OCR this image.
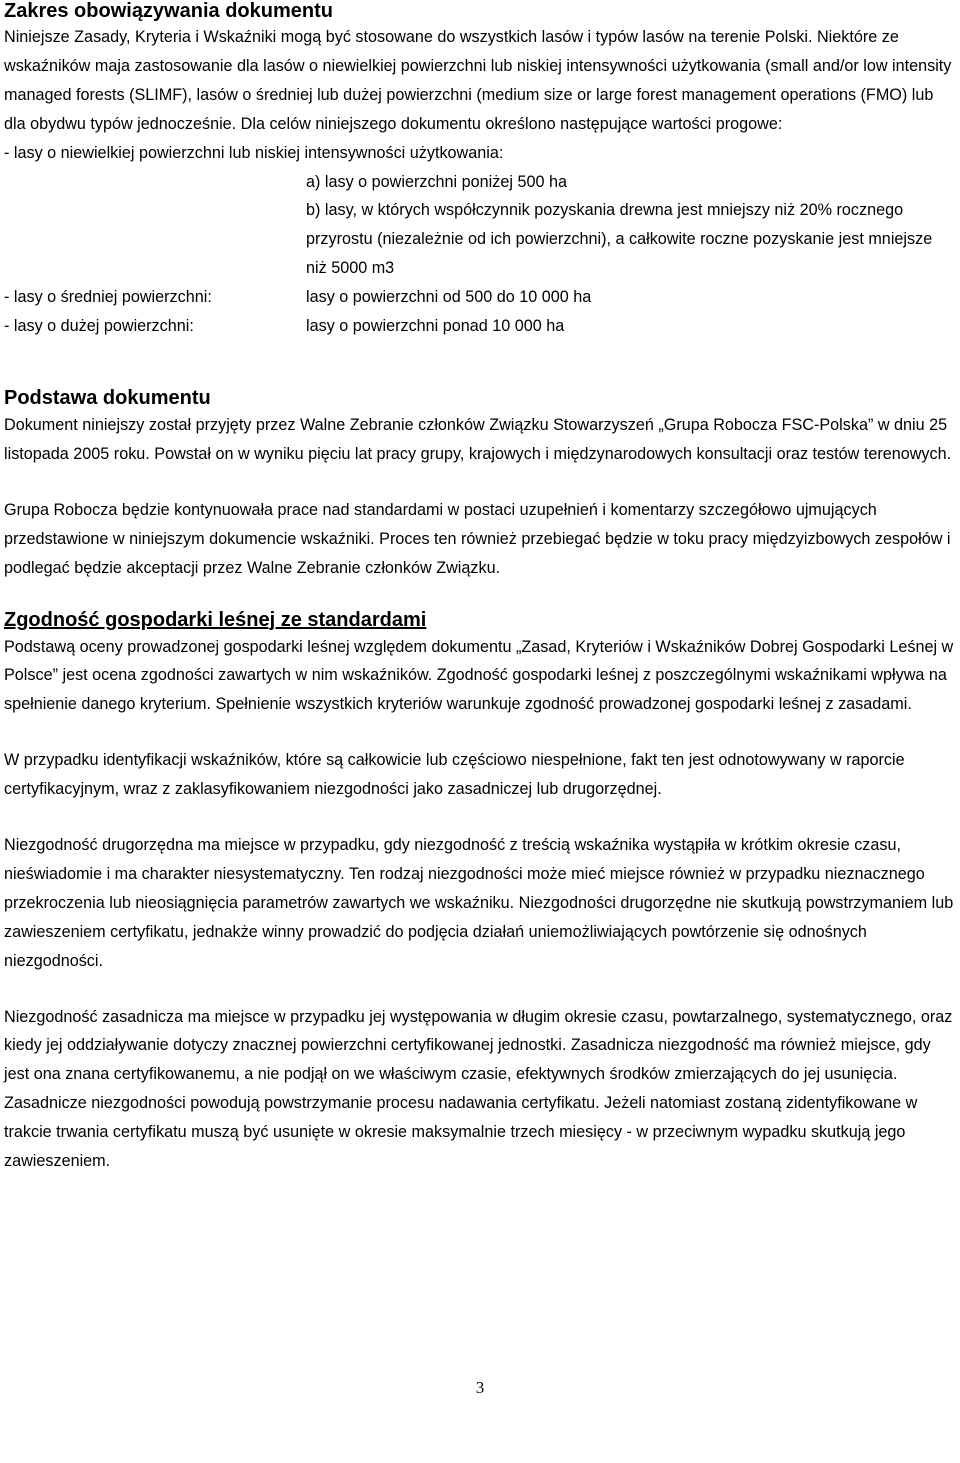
Zakres obowiązywania dokumentu

Niniejsze Zasady, Kryteria i Wskaźniki mogą być stosowane do wszystkich lasów i typów lasów na terenie Polski. Niektóre ze wskaźników maja zastosowanie dla lasów o niewielkiej powierzchni lub niskiej intensywności użytkowania (small and/or low intensity managed forests (SLIMF), lasów o średniej lub dużej powierzchni (medium size or large forest management operations (FMO) lub dla obydwu typów jednocześnie. Dla celów niniejszego dokumentu określono następujące wartości progowe:

- lasy o niewielkiej powierzchni lub niskiej intensywności użytkowania:

a) lasy o powierzchni poniżej 500 ha

b) lasy, w których współczynnik pozyskania drewna jest mniejszy niż 20% rocznego przyrostu (niezależnie od ich powierzchni), a całkowite roczne pozyskanie jest mniejsze niż 5000 m3

- lasy o średniej powierzchni:	lasy o powierzchni od 500 do 10 000 ha
- lasy o dużej powierzchni:	lasy o powierzchni ponad 10 000 ha
Podstawa dokumentu

Dokument niniejszy został przyjęty przez Walne Zebranie członków Związku Stowarzyszeń „Grupa Robocza FSC-Polska” w dniu 25 listopada 2005 roku. Powstał on w wyniku pięciu lat pracy grupy, krajowych i międzynarodowych konsultacji oraz testów terenowych.

Grupa Robocza będzie kontynuowała prace nad standardami w postaci uzupełnień i komentarzy szczegółowo ujmujących przedstawione w niniejszym dokumencie wskaźniki. Proces ten również przebiegać będzie w toku pracy międzyizbowych zespołów i podlegać będzie akceptacji przez Walne Zebranie członków Związku.

Zgodność gospodarki leśnej ze standardami

Podstawą oceny prowadzonej gospodarki leśnej względem dokumentu „Zasad, Kryteriów i Wskaźników Dobrej Gospodarki Leśnej w Polsce” jest ocena zgodności zawartych w nim wskaźników. Zgodność gospodarki leśnej z poszczególnymi wskaźnikami wpływa na spełnienie danego kryterium. Spełnienie wszystkich kryteriów warunkuje zgodność prowadzonej gospodarki leśnej z zasadami.

W przypadku identyfikacji wskaźników, które są całkowicie lub częściowo niespełnione, fakt ten jest odnotowywany w raporcie certyfikacyjnym, wraz z zaklasyfikowaniem niezgodności jako zasadniczej lub drugorzędnej.

Niezgodność drugorzędna ma miejsce w przypadku, gdy niezgodność z treścią wskaźnika wystąpiła w krótkim okresie czasu, nieświadomie i ma charakter niesystematyczny. Ten rodzaj niezgodności może mieć miejsce również w przypadku nieznacznego przekroczenia lub nieosiągnięcia parametrów zawartych we wskaźniku. Niezgodności drugorzędne nie skutkują powstrzymaniem lub zawieszeniem certyfikatu, jednakże winny prowadzić do podjęcia działań uniemożliwiających powtórzenie się odnośnych niezgodności.

Niezgodność zasadnicza ma miejsce w przypadku jej występowania w długim okresie czasu, powtarzalnego, systematycznego, oraz kiedy jej oddziaływanie dotyczy znacznej powierzchni certyfikowanej jednostki. Zasadnicza niezgodność ma również miejsce, gdy jest ona znana certyfikowanemu, a nie podjął on we właściwym czasie, efektywnych środków zmierzających do jej usunięcia.

Zasadnicze niezgodności powodują powstrzymanie procesu nadawania certyfikatu. Jeżeli natomiast zostaną zidentyfikowane w trakcie trwania certyfikatu muszą być usunięte w okresie maksymalnie trzech miesięcy - w przeciwnym wypadku skutkują jego zawieszeniem.

3
